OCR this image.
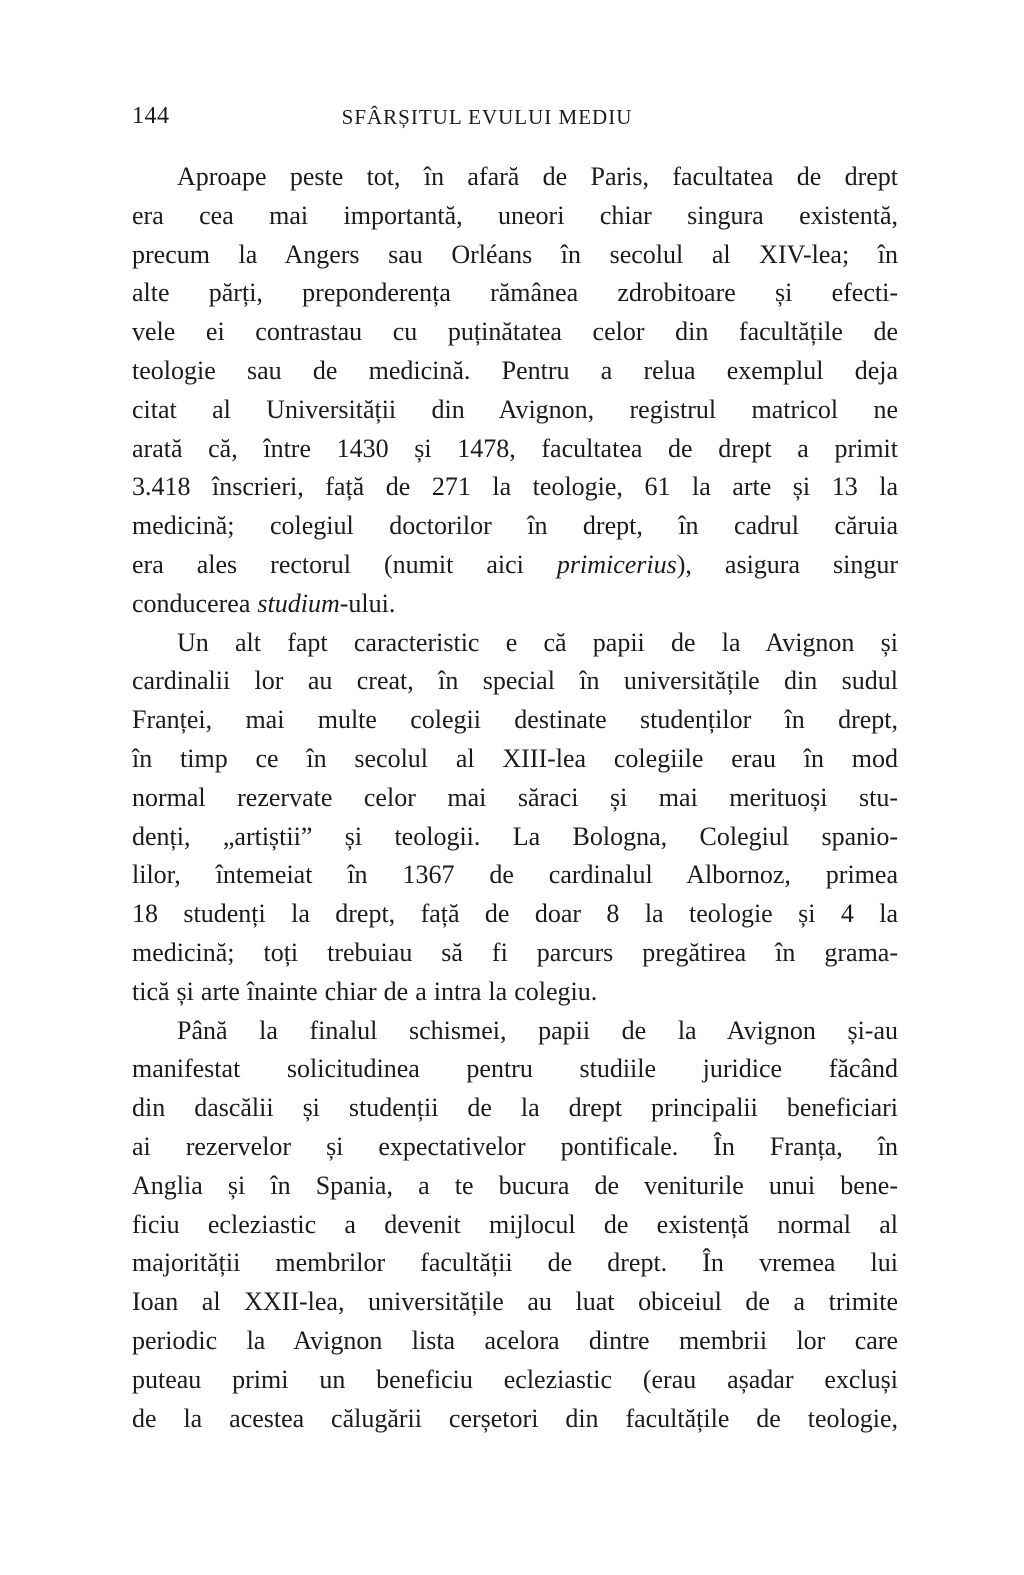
144	SFÂRȘITUL EVULUI MEDIU

Aproape peste tot, în afară de Paris, facultatea de drept
era cea mai importantă, uneori chiar singura existentă,
precum la Angers sau Orléans în secolul al XIV-lea; în
alte părți, preponderența rămânea zdrobitoare și efecti-
vele ei contrastau cu puținătatea celor din facultățile de
teologie sau de medicină. Pentru a relua exemplul deja
citat al Universității din Avignon, registrul matricol ne
arată că, între 1430 și 1478, facultatea de drept a primit
3.418 înscrieri, față de 271 la teologie, 61 la arte și 13 la
medicină; colegiul doctorilor în drept, în cadrul căruia
era ales rectorul (numit aici primicerius), asigura singur
conducerea studium-ului.

Un alt fapt caracteristic e că papii de la Avignon și
cardinalii lor au creat, în special în universitățile din sudul
Franței, mai multe colegii destinate studenților în drept,
în timp ce în secolul al XIII-lea colegiile erau în mod
normal rezervate celor mai săraci și mai merituoși stu-
denți, „artiștii” și teologii. La Bologna, Colegiul spanio-
lilor, întemeiat în 1367 de cardinalul Albornoz, primea
18 studenți la drept, față de doar 8 la teologie și 4 la
medicină; toți trebuiau să fi parcurs pregătirea în grama-
tică și arte înainte chiar de a intra la colegiu.

Până la finalul schismei, papii de la Avignon și-au
manifestat solicitudinea pentru studiile juridice făcând
din dascălii și studenții de la drept principalii beneficiari
ai rezervelor și expectativelor pontificale. În Franța, în
Anglia și în Spania, a te bucura de veniturile unui bene-
ficiu ecleziastic a devenit mijlocul de existență normal al
majorității membrilor facultății de drept. În vremea lui
Ioan al XXII-lea, universitățile au luat obiceiul de a trimite
periodic la Avignon lista acelora dintre membrii lor care
puteau primi un beneficiu ecleziastic (erau așadar excluși
de la acestea călugării cerșetori din facultățile de teologie,
